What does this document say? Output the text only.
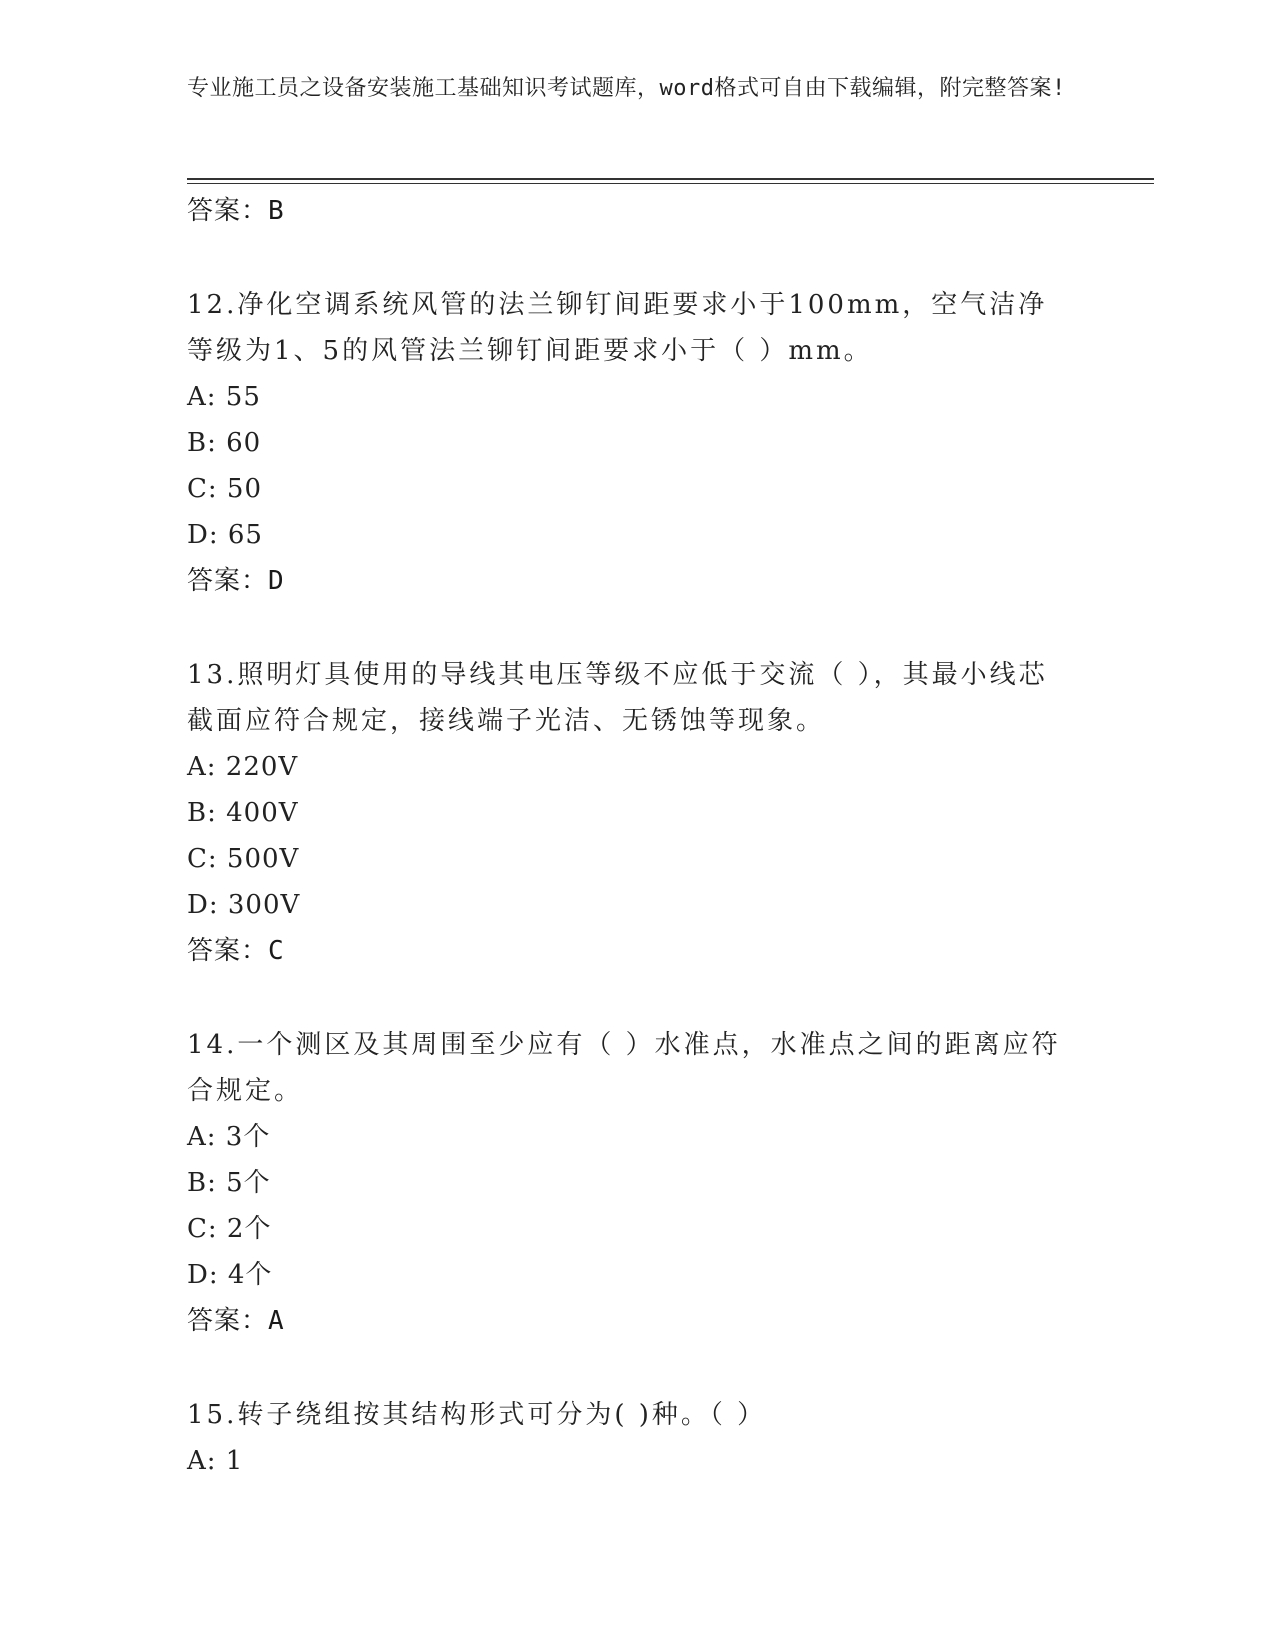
专业施工员之设备安装施工基础知识考试题库，word格式可自由下载编辑，附完整答案!
答案：B
12.净化空调系统风管的法兰铆钉间距要求小于100mm，空气洁净等级为1、5的风管法兰铆钉间距要求小于（ ）mm。
A: 55
B: 60
C: 50
D: 65
答案：D
13.照明灯具使用的导线其电压等级不应低于交流（ ），其最小线芯截面应符合规定，接线端子光洁、无锈蚀等现象。
A: 220V
B: 400V
C: 500V
D: 300V
答案：C
14.一个测区及其周围至少应有（ ）水准点，水准点之间的距离应符合规定。
A: 3个
B: 5个
C: 2个
D: 4个
答案：A
15.转子绕组按其结构形式可分为( )种。（ ）
A: 1
